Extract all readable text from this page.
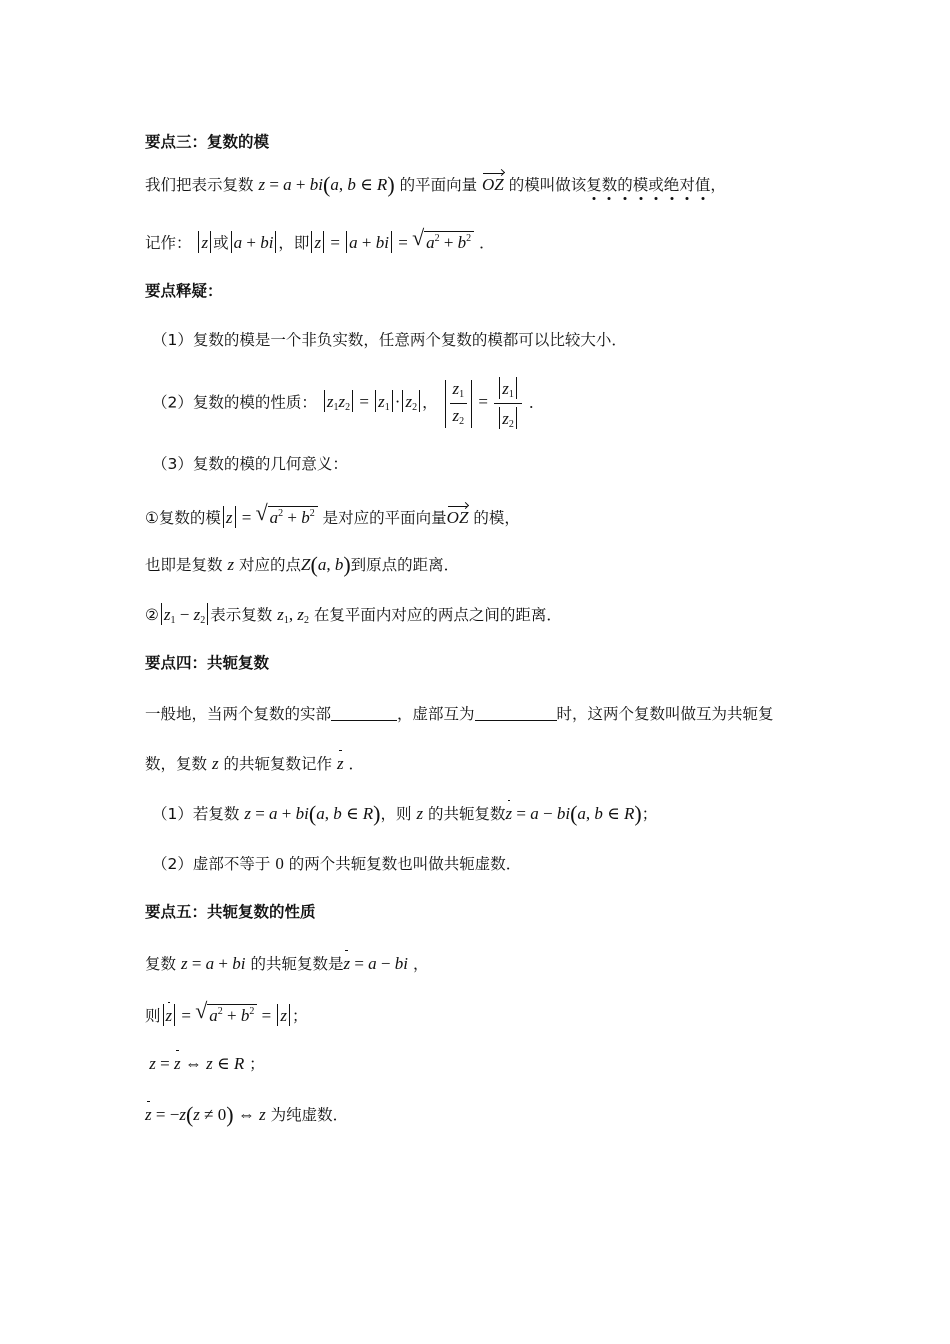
要点三：复数的模
我们把表示复数 z = a + bi(a, b ∈ R) 的平面向量 OZ 的模叫做该复数的模或绝对值，
记作： z 或 a + bi ，即 z = a + bi = √ $a^2 + b^2$ ．
要点释疑：
（1）复数的模是一个非负实数，任意两个复数的模都可以比较大小．
（2）复数的模的性质： $z_1z_2 = z_1 \cdot z_2$ ， $\frac{z_1}{z_2} = \frac{z_1}{z_2}$ ．
（3）复数的模的几何意义：
①复数的模 z = √ $a^2 + b^2$ 是对应的平面向量OZ 的模，
也即是复数 z 对应的点Z(a, b)到原点的距离．
② $z_1 - z_2$ 表示复数 $z_1$, $z_2$ 在复平面内对应的两点之间的距离．
要点四：共轭复数
一般地，当两个复数的实部	，虚部互为	时，这两个复数叫做互为共轭复
数，复数 z 的共轭复数记作 z ．
（1）若复数 z = a + bi(a, b ∈ R)，则 z 的共轭复数z = a − bi(a, b ∈ R)；
（2）虚部不等于 0 的两个共轭复数也叫做共轭虚数．
要点五：共轭复数的性质
复数 z = a + bi 的共轭复数是z = a − bi ，
则 z = √ $a^2 + b^2 = z$ ；
z = z ⇔ z ∈ R ；
z = −z(z ≠ 0) ⇔ z 为纯虚数．
